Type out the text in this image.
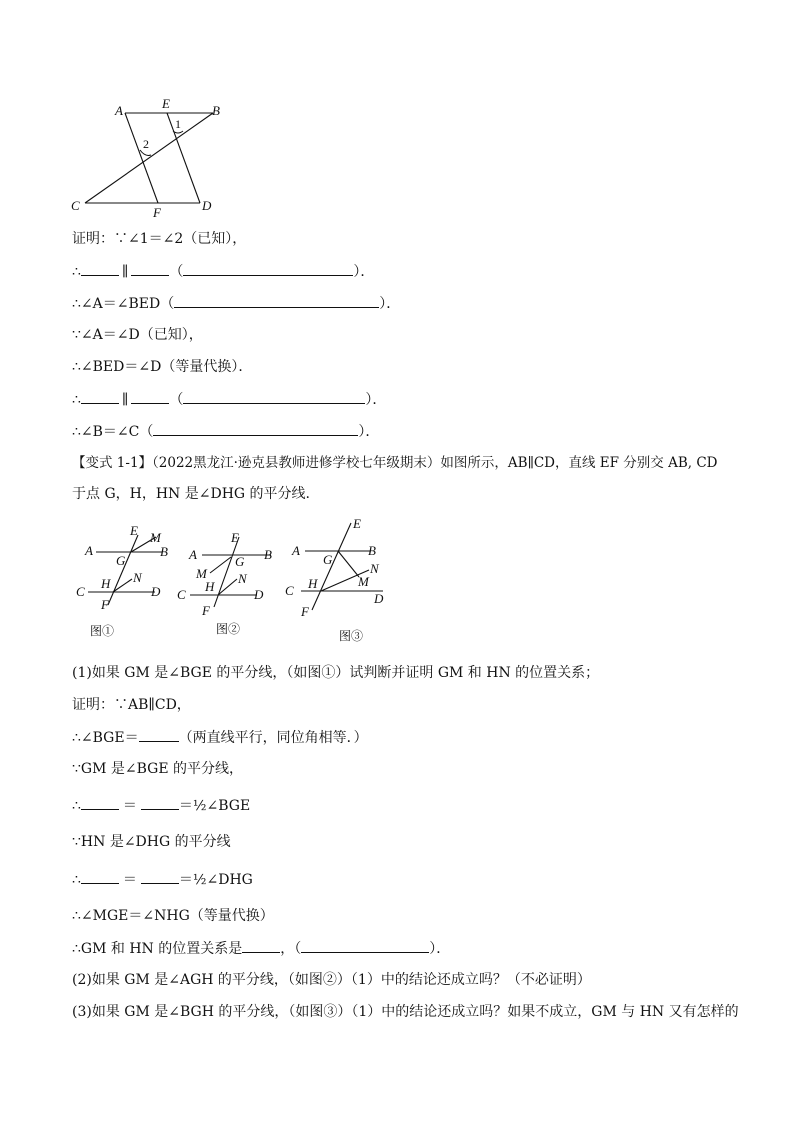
A	E	B
1
2
C	F	D
证明：∵∠1＝∠2（已知），
∴	∥	（	）．
∴∠A＝∠BED（	）．
∵∠A＝∠D（已知），
∴∠BED＝∠D（等量代换）．
∴	∥	（	）．
∴∠B＝∠C（	）．
【变式 1-1】（2022黑龙江·逊克县教师进修学校七年级期末）如图所示，AB∥CD，直线 EF 分别交 AB, CD
于点 G，H，HN 是∠DHG 的平分线.
A
E M
G
B
H N
C	D
F
图①
A
E
B
M
G
H
N
C	D
F
图②
E
A	B
G
N
H	M
C
D
F
图③
(1)如果 GM 是∠BGE 的平分线，（如图①）试判断并证明 GM 和 HN 的位置关系；
证明：∵AB∥CD，
∴∠BGE＝	（两直线平行，同位角相等．）
∵GM 是∠BGE 的平分线，
∴	＝	＝½∠BGE
∵HN 是∠DHG 的平分线
∴	＝	＝½∠DHG
∴∠MGE＝∠NHG（等量代换）
∴GM 和 HN 的位置关系是	，（	）．
(2)如果 GM 是∠AGH 的平分线，（如图②）（1）中的结论还成立吗？（不必证明）
(3)如果 GM 是∠BGH 的平分线，（如图③）（1）中的结论还成立吗？如果不成立，GM 与 HN 又有怎样的
